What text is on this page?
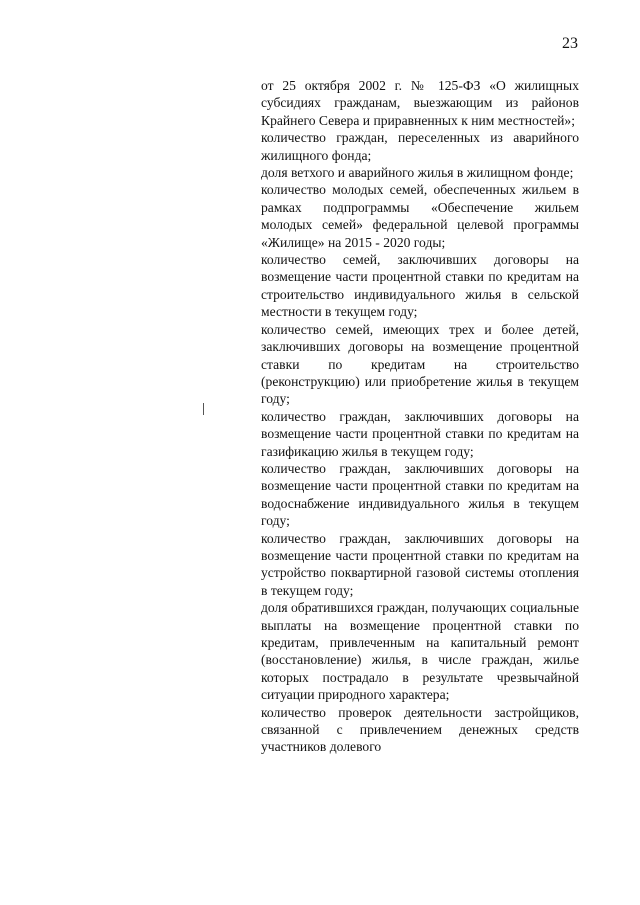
23

от 25 октября 2002 г. № 125-ФЗ «О жилищных субсидиях гражданам, выезжающим из районов Крайнего Севера и приравненных к ним местностей»;

количество граждан, переселенных из аварийного жилищного фонда;

доля ветхого и аварийного жилья в жилищном фонде;

количество молодых семей, обеспеченных жильем в рамках подпрограммы «Обеспечение жильем молодых семей» федеральной целевой программы «Жилище» на 2015 - 2020 годы;

количество семей, заключивших договоры на возмещение части процентной ставки по кредитам на строительство индивидуального жилья в сельской местности в текущем году;

количество семей, имеющих трех и более детей, заключивших договоры на возмещение процентной ставки по кредитам на строительство (реконструкцию) или приобретение жилья в текущем году;

количество граждан, заключивших договоры на возмещение части процентной ставки по кредитам на газификацию жилья в текущем году;

количество граждан, заключивших договоры на возмещение части процентной ставки по кредитам на водоснабжение индивидуального жилья в текущем году;

количество граждан, заключивших договоры на возмещение части процентной ставки по кредитам на устройство поквартирной газовой системы отопления в текущем году;

доля обратившихся граждан, получающих социальные выплаты на возмещение процентной ставки по кредитам, привлеченным на капитальный ремонт (восстановление) жилья, в числе граждан, жилье которых пострадало в результате чрезвычайной ситуации природного характера;

количество проверок деятельности застройщиков, связанной с привлечением денежных средств участников долевого
